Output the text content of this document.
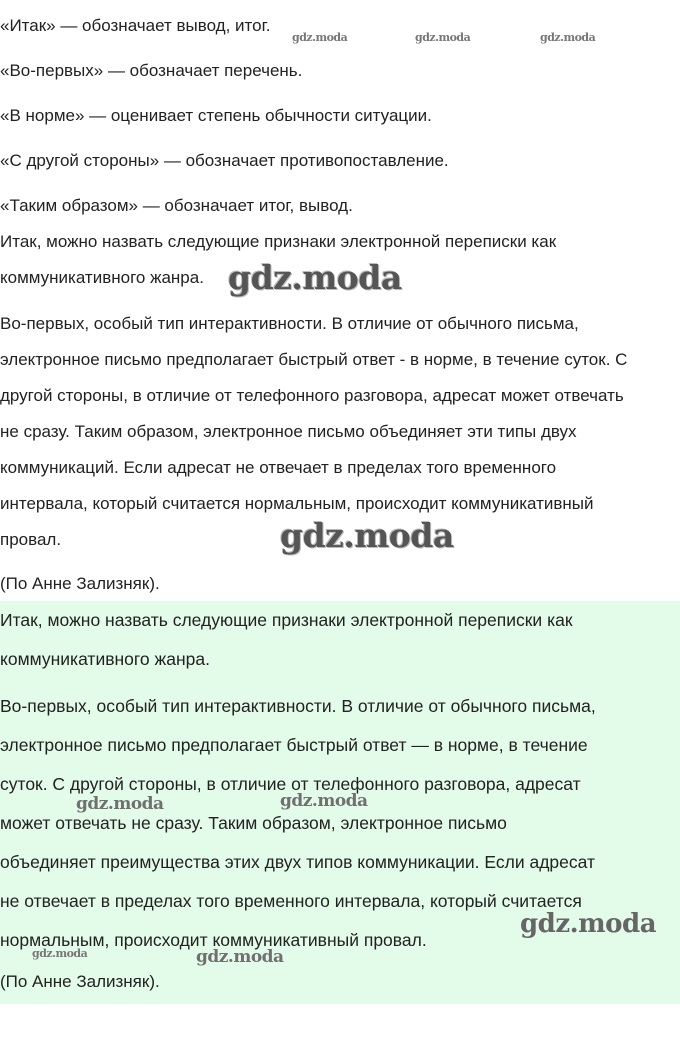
«Итак» — обозначает вывод, итог.

«Во-первых» — обозначает перечень.

«В норме» — оценивает степень обычности ситуации.

«С другой стороны» — обозначает противопоставление.

«Таким образом» — обозначает итог, вывод.

Итак, можно назвать следующие признаки электронной переписки как

коммуникативного жанра.

Во-первых, особый тип интерактивности. В отличие от обычного письма,

электронное письмо предполагает быстрый ответ - в норме, в течение суток. С

другой стороны, в отличие от телефонного разговора, адресат может отвечать

не сразу. Таким образом, электронное письмо объединяет эти типы двух

коммуникаций. Если адресат не отвечает в пределах того временного

интервала, который считается нормальным, происходит коммуникативный

провал.

(По Анне Зализняк).

Итак, можно назвать следующие признаки электронной переписки как

коммуникативного жанра.

Во-первых, особый тип интерактивности. В отличие от обычного письма,

электронное письмо предполагает быстрый ответ — в норме, в течение

суток. С другой стороны, в отличие от телефонного разговора, адресат

может отвечать не сразу. Таким образом, электронное письмо

объединяет преимущества этих двух типов коммуникации. Если адресат

не отвечает в пределах того временного интервала, который считается

нормальным, происходит коммуникативный провал.

(По Анне Зализняк).

gdz.moda	gdz.moda	gdz.moda
gdz.moda
gdz.moda
gdz.moda	gdz.moda
gdz.moda
gdz.moda	gdz.moda
